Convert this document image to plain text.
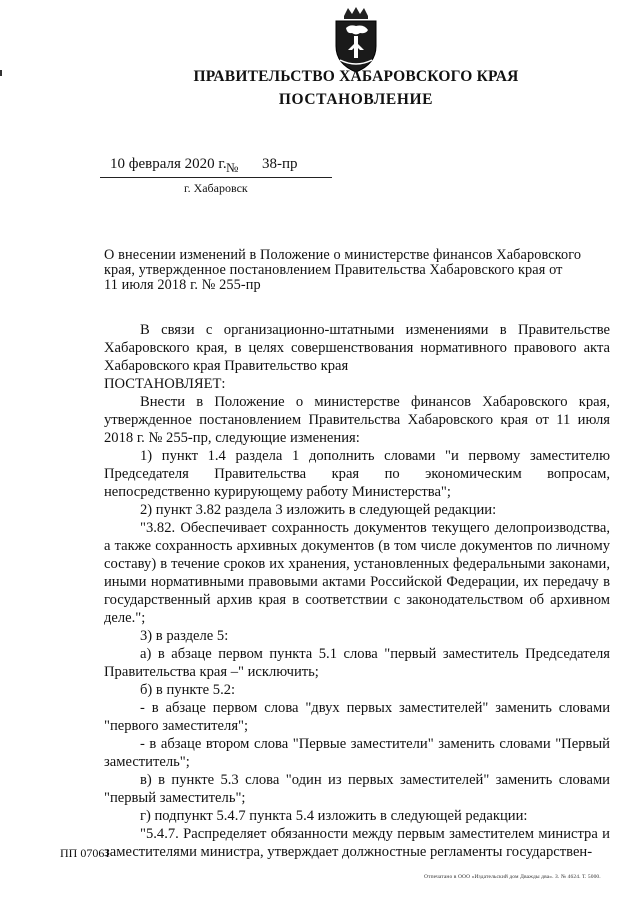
ПРАВИТЕЛЬСТВО ХАБАРОВСКОГО КРАЯ
ПОСТАНОВЛЕНИЕ
10 февраля 2020 г. № 38-пр
г. Хабаровск
О внесении изменений в Положение о министерстве финансов Хабаровского
края, утвержденное постановлением Правительства Хабаровского края от
11 июля 2018 г. № 255-пр

В связи с организационно-штатными изменениями в Правительстве Хабаровского края, в целях совершенствования нормативного правового акта Хабаровского края Правительство края

ПОСТАНОВЛЯЕТ:

Внести в Положение о министерстве финансов Хабаровского края, утвержденное постановлением Правительства Хабаровского края от 11 июля 2018 г. № 255-пр, следующие изменения:

1) пункт 1.4 раздела 1 дополнить словами "и первому заместителю Председателя Правительства края по экономическим вопросам, непосредственно курирующему работу Министерства";

2) пункт 3.82 раздела 3 изложить в следующей редакции:

"3.82. Обеспечивает сохранность документов текущего делопроизводства, а также сохранность архивных документов (в том числе документов по личному составу) в течение сроков их хранения, установленных федеральными законами, иными нормативными правовыми актами Российской Федерации, их передачу в государственный архив края в соответствии с законодательством об архивном деле.";

3) в разделе 5:

а) в абзаце первом пункта 5.1 слова "первый заместитель Председателя Правительства края –" исключить;

б) в пункте 5.2:

- в абзаце первом слова "двух первых заместителей" заменить словами "первого заместителя";

- в абзаце втором слова "Первые заместители" заменить словами "Первый заместитель";

в) в пункте 5.3 слова "один из первых заместителей" заменить словами "первый заместитель";

г) подпункт 5.4.7 пункта 5.4 изложить в следующей редакции:

"5.4.7. Распределяет обязанности между первым заместителем министра и заместителями министра, утверждает должностные регламенты государствен-

ПП 07061
Отпечатано в ООО «Издательский дом Дважды два». З. № 4624. Т. 5000.
